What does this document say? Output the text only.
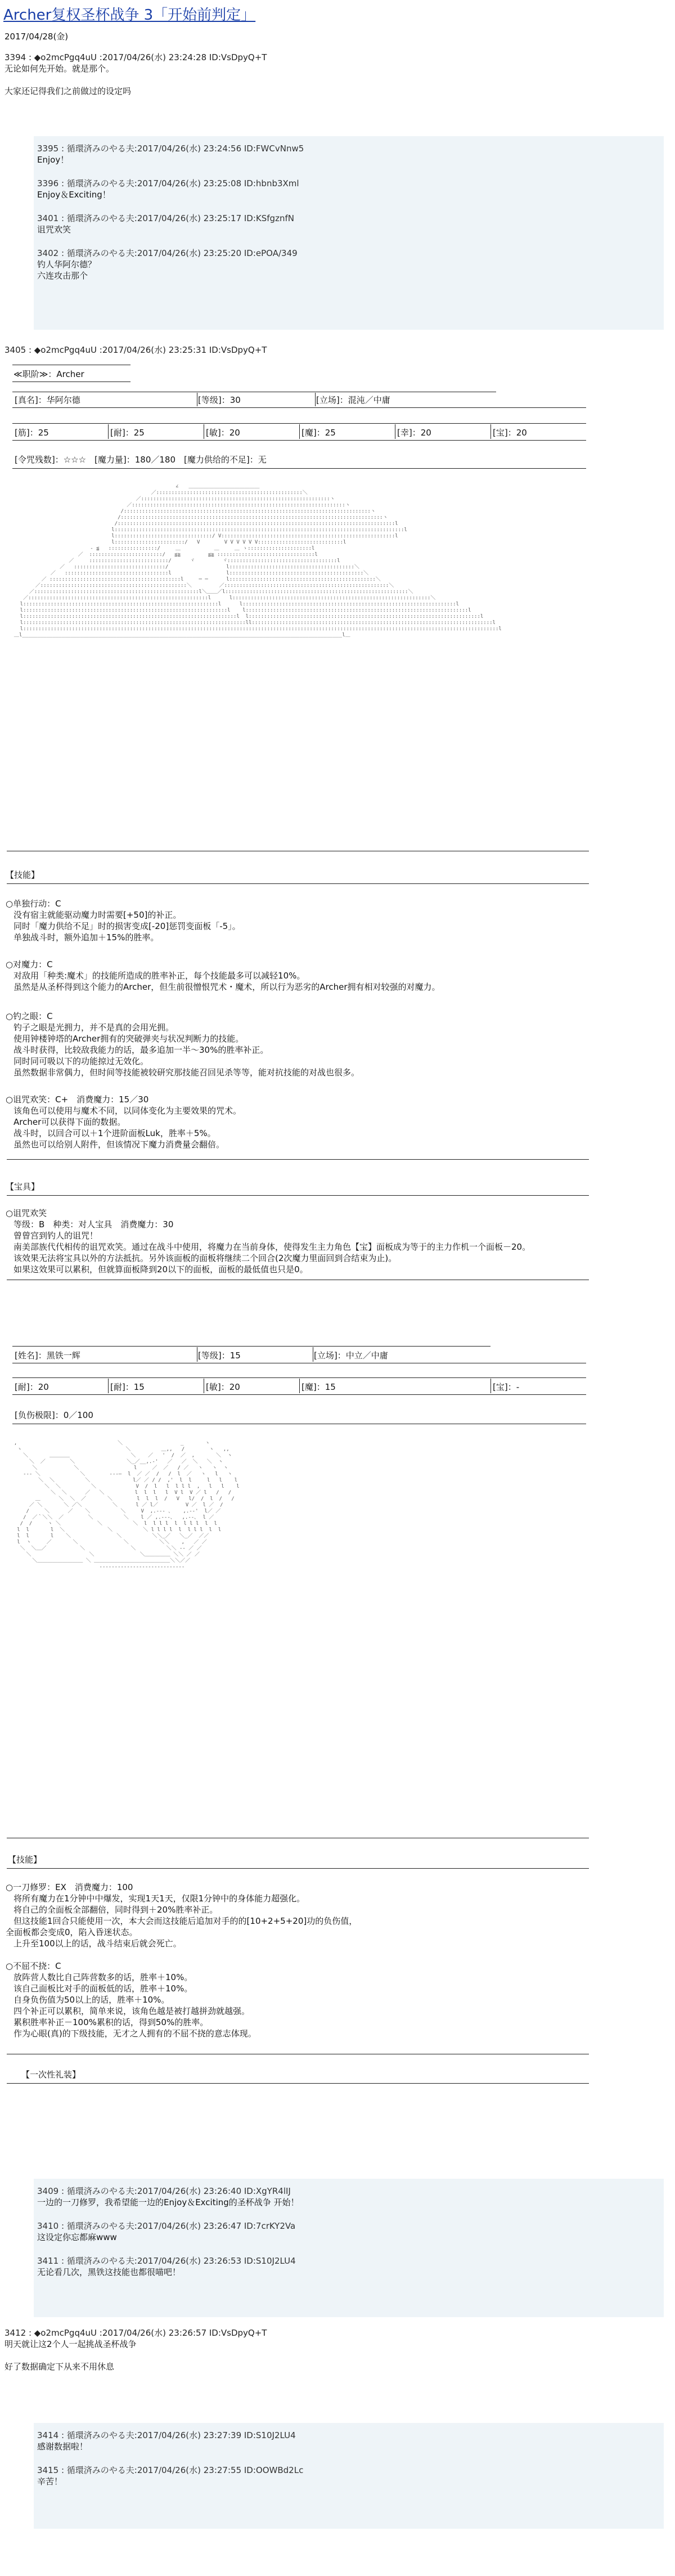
Archer复权圣杯战争 3「开始前判定」
2017/04/28(金)
3394 : ◆o2mcPgq4uU :2017/04/26(水) 23:24:28 ID:VsDpyQ+T
无论如何先开始。就是那个。
大家还记得我们之前做过的设定吗
3395 : 循環済みのやる夫:2017/04/26(水) 23:24:56 ID:FWCvNnw5
Enjoy！
3396 : 循環済みのやる夫:2017/04/26(水) 23:25:08 ID:hbnb3Xml
Enjoy＆Exciting！
3401 : 循環済みのやる夫:2017/04/26(水) 23:25:17 ID:KSfgznfN
诅咒欢笑
3402 : 循環済みのやる夫:2017/04/26(水) 23:25:20 ID:ePOA/349
钓人华阿尔德？
六连攻击那个
3405 : ◆o2mcPgq4uU :2017/04/26(水) 23:25:31 ID:VsDpyQ+T
≪职阶≫：Archer
[真名]：华阿尔德	[等级]：30	[立场]：混沌／中庸
[筋]：25	[耐]：25	[敏]：20	[魔]：25	[幸]：20	[宝]：20
[令咒残数]：☆☆☆　[魔力量]：180／180　[魔力供给的不足]：无
∠　　＿＿＿＿＿＿＿＿＿＿＿＿＿＿
／::::::::::::::::::::::::::::::::::::::::::::::::＼
／::::::::::::::::::::::::::::::::::::::::::::::::::::::::::::::ヽ
／::::::::::::::::::::::::::::::::::::::::::::::::::::::::::::::::::::::ヽ
/:::::::::::::::::::::::::::::::::::::::::::::::::::::::::::::::::::::::::::::::::ヽ
/::::::::::::::::::::::::::::::::::::::::::::::::::::::::::::::::::::::::::::::::::::::ヽ
/:::::::::::::::::::::::::::::::::::::::::::::::::::::::::::::::::::::::::::::::::::::::::::l
l:::::::::::::::::::::::::::::::::::::::::::::::::::::::::::::::::::::::::::::::::::::::::::::::l
l::::::::::::::::::::::::::::::::/ V:::::::::::::::::::::::::::::::::::::::::::::::::::::::::l
l:::::::::::::::::::::::/   V        V V V V V V::::::::::::::::::::::::::::l
‐ ≦   ::::::::::::::::/     ＿           ＿     ＿ ゝ:::::::::::::::::::::l
／  ::::::::::::::::::::::::/   ≦≧         ≦≧ ::::::::::::::::::::::::::::::::l
／     ::::::::::::::::::::::::::/      ヾ         ヾ::::::::::::::::::::::::::::::::::::l
／   ::::::::::::::::::::::::::::::/                   l:::::::::::::::::::::::::::::::::::::::::＼
／   ::::::::::::::::::::::::::::::::::l                  l::::::::::::::::::::::::::::::::::::::::::::＼
／ :::::::::::::::::::::::::::::::::::::::::::l     ─ ─      l::::::::::::::::::::::::::::::::::::::::::::::::＼
／::::::::::::::::::::::::::::::::::::::::::::::::＼         ／::::::::::::::::::::::::::::::::::::::::::::::::::::::＼
／::::::::::::::::::::::::::::::::::::::::::::::::::::::l＼＿＿／l::::::::::::::::::::::::::::::::::::::::::::::::::::::::::::＼
／:::::::::::::::::::::::::::::::::::::::::::::::::::::::::::l      l:::::::::::::::::::::::::::::::::::::::::::::::::::::::::::::::::＼
l::::::::::::::::::::::::::::::::::::::::::::::::::::::::::::::::l      l::::::::::::::::::::::::::::::::::::::::::::::::::::::::::::::::::::::l
l:::::::::::::::::::::::::::::::::::::::::::::::::::::::::::::::::::l    l:::::::::::::::::::::::::::::::::::::::::::::::::::::::::::::::::::::::::l
l::::::::::::::::::::::::::::::::::::::::::::::::::::::::::::::::::::::l  l::::::::::::::::::::::::::::::::::::::::::::::::::::::::::::::::::::::::::::l
l:::::::::::::::::::::::::::::::::::::::::::::::::::::::::::::::::::::::::ll:::::::::::::::::::::::::::::::::::::::::::::::::::::::::::::::::::::::::::::::l
l::::::::::::::::::::::::::::::::::::::::::::::::::::::::::::::::::::::::::::::::::::::::::::::::::::::::::::::::::::::::::::::::::::::::::::::::::::::::::::l
＿l_________________________________________________________________________________________________________l＿

【技能】

○单独行动：C

没有宿主就能驱动魔力时需要[+50]的补正。

同时「魔力供给不足」时的损害变成[-20]惩罚变面板「-5」。

单独战斗时，额外追加＋15%的胜率。

○对魔力：C

对敌用「种类:魔术」的技能所造成的胜率补正，每个技能最多可以减轻10%。

虽然是从圣杯得到这个能力的Archer，但生前很憎恨咒术・魔术，所以行为恶劣的Archer拥有相对较强的对魔力。

○钓之眼：C

钓子之眼是光拥力，并不是真的会用光拥。

使用钟楼钟塔的Archer拥有的突破弹夹与状况判断力的技能。

战斗时获得，比较敌我能力的话，最多追加一半～30%的胜率补正。

同时同可吸以下的功能掠过无效化。

虽然数据非常偶力，但时间等技能被较研究那技能召回见杀等等，能对抗技能的对战也很多。

○诅咒欢笑：C+　消费魔力：15／30

该角色可以使用与魔术不同，以同体变化为主要效果的咒术。

Archer可以获得下面的数据。

战斗时，以回合可以＋1个进阶面板Luk，胜率＋5%。

虽然也可以给别人附件，但该情况下魔力消费量会翻倍。

【宝具】

○诅咒欢笑

等级：B　种类：对人宝具　消费魔力：30

曾曾宫到钓人的诅咒！

南美部族代代相传的诅咒欢笑。通过在战斗中使用，将魔力在当前身体，使得发生主力角色【宝】面板成为等于的主力作机一个面板－20。

该效果无法将宝具以外的方法抵抗。另外该面板的面板将继续二个回合(2次魔力里面回到合结束为止)。

如果这效果可以累积，但就算面板降到20以下的面板，面板的最低值也只是0。

[姓名]：黑铁一辉	[等级]：15	[立场]：中立／中庸
[耐]：20	[耐]：15	[敏]：20	[魔]：15	[宝]：-
[负伤极限]：0／100
,                                 ＼                   _       ヽ
ヽ                                  ＼          ＿,,   /        ヽ   ,,
＼       ＿＿＿＿                    ＼    ／   '  /  ／  ,       ＼  ヽ
＼  ／        ＼                 ＼_／__,.-'   ／   ／  ＼   ＼  ヽ
＼            ＼                  l     ／  ／   / ／   ヽ   ヽ  ヽ
-‐‐ ＼             ＼        ‐‐-―  l  ／ ／  /   /  l  ／   ヽ   l   ヽ
＼  ＼          ＼              l／ ／ / /  ,'  l  l     l   l    l
＼  ＼          ＼             V  /  l   l  l l l  ,   l   l    l
＼  ＼      ／   ＼          l  l  l   l  V l  V ／ l   /   /
＿      ＼  ＼  ／       ＼        l  l  l  /   V   l/  /  l  /   /
／ ＼       ＼ ／＼          ＼      l ／ l／         V ／  l ／  /
/     ＼      ／    ＼          ＼     V  ,.-‐‐ ､    ,.-‐'  l／ ／
/  ／｀＼＼  ／        ＼          ＼    l ／ ,.-‐-､   ,.-‐､  l ／
/  /     ヽ ＼            ＼          ＼  l  l l l  l  l l l  l  l
l  l       l  ＼              ＼          ＼ l l l l  l  l l l  l  l
l  l       l    ＼               ＼          ＼＼_／   ＼_／  ／／
l  ヽ     ／       ＼               ＼          ＼＼    ,   ／ ／
＼  ＼＿／           ＼               ＼          ＼＼ ‐‐ ／ ／
＼                   ＼               ＼＿＿＿＿＿ ＼＼ ／ ／
＼＿＿＿＿＿＿＿＿＿ ＼ ＿＿＿＿＿＿＿＿＿＿＿＿＿＿＿＼＼／／
‐‐‐‐‐‐‐‐‐‐‐‐‐‐‐‐‐‐‐‐‐‐‐‐‐‐‐‐

【技能】

○一刀修罗：EX　消费魔力：100

将所有魔力在1分钟中中爆发，实现1天1天，仅限1分钟中的身体能力超强化。

将自己的全面板全部翻倍，同时得到＋20%胜率补正。

但这技能1回合只能使用一次，本大会而这技能后追加对手的的[10+2+5+20]功的负伤值，

全面板都会变成0，陷入昏迷状态。

上升至100以上的话，战斗结束后就会死亡。

○不屈不挠：C

放阵营人数比自己阵营数多的话，胜率＋10%。

该自己面板比对手的面板低的话，胜率＋10%。

自身负伤值为50以上的话，胜率＋10%。

四个补正可以累积，简单来说，该角色越是被打越拼劲就越强。

累积胜率补正－100%累积的话，得到50%的胜率。

作为心眼(真)的下级技能，无才之人拥有的不屈不挠的意志体现。

【一次性礼装】
3409 : 循環済みのやる夫:2017/04/26(水) 23:26:40 ID:XgYR4lIJ
一边的一刀修罗，我希望能一边的Enjoy＆Exciting的圣杯战争 开始！
3410 : 循環済みのやる夫:2017/04/26(水) 23:26:47 ID:7crKY2Va
这设定你忘都麻www
3411 : 循環済みのやる夫:2017/04/26(水) 23:26:53 ID:S10J2LU4
无论看几次，黑铁这技能也都很喵吧！
3412 : ◆o2mcPgq4uU :2017/04/26(水) 23:26:57 ID:VsDpyQ+T
明天就让这2个人一起挑战圣杯战争
好了数据确定下从来不用休息
3414 : 循環済みのやる夫:2017/04/26(水) 23:27:39 ID:S10J2LU4
感谢数据啦！
3415 : 循環済みのやる夫:2017/04/26(水) 23:27:55 ID:OOWBd2Lc
辛苦！
